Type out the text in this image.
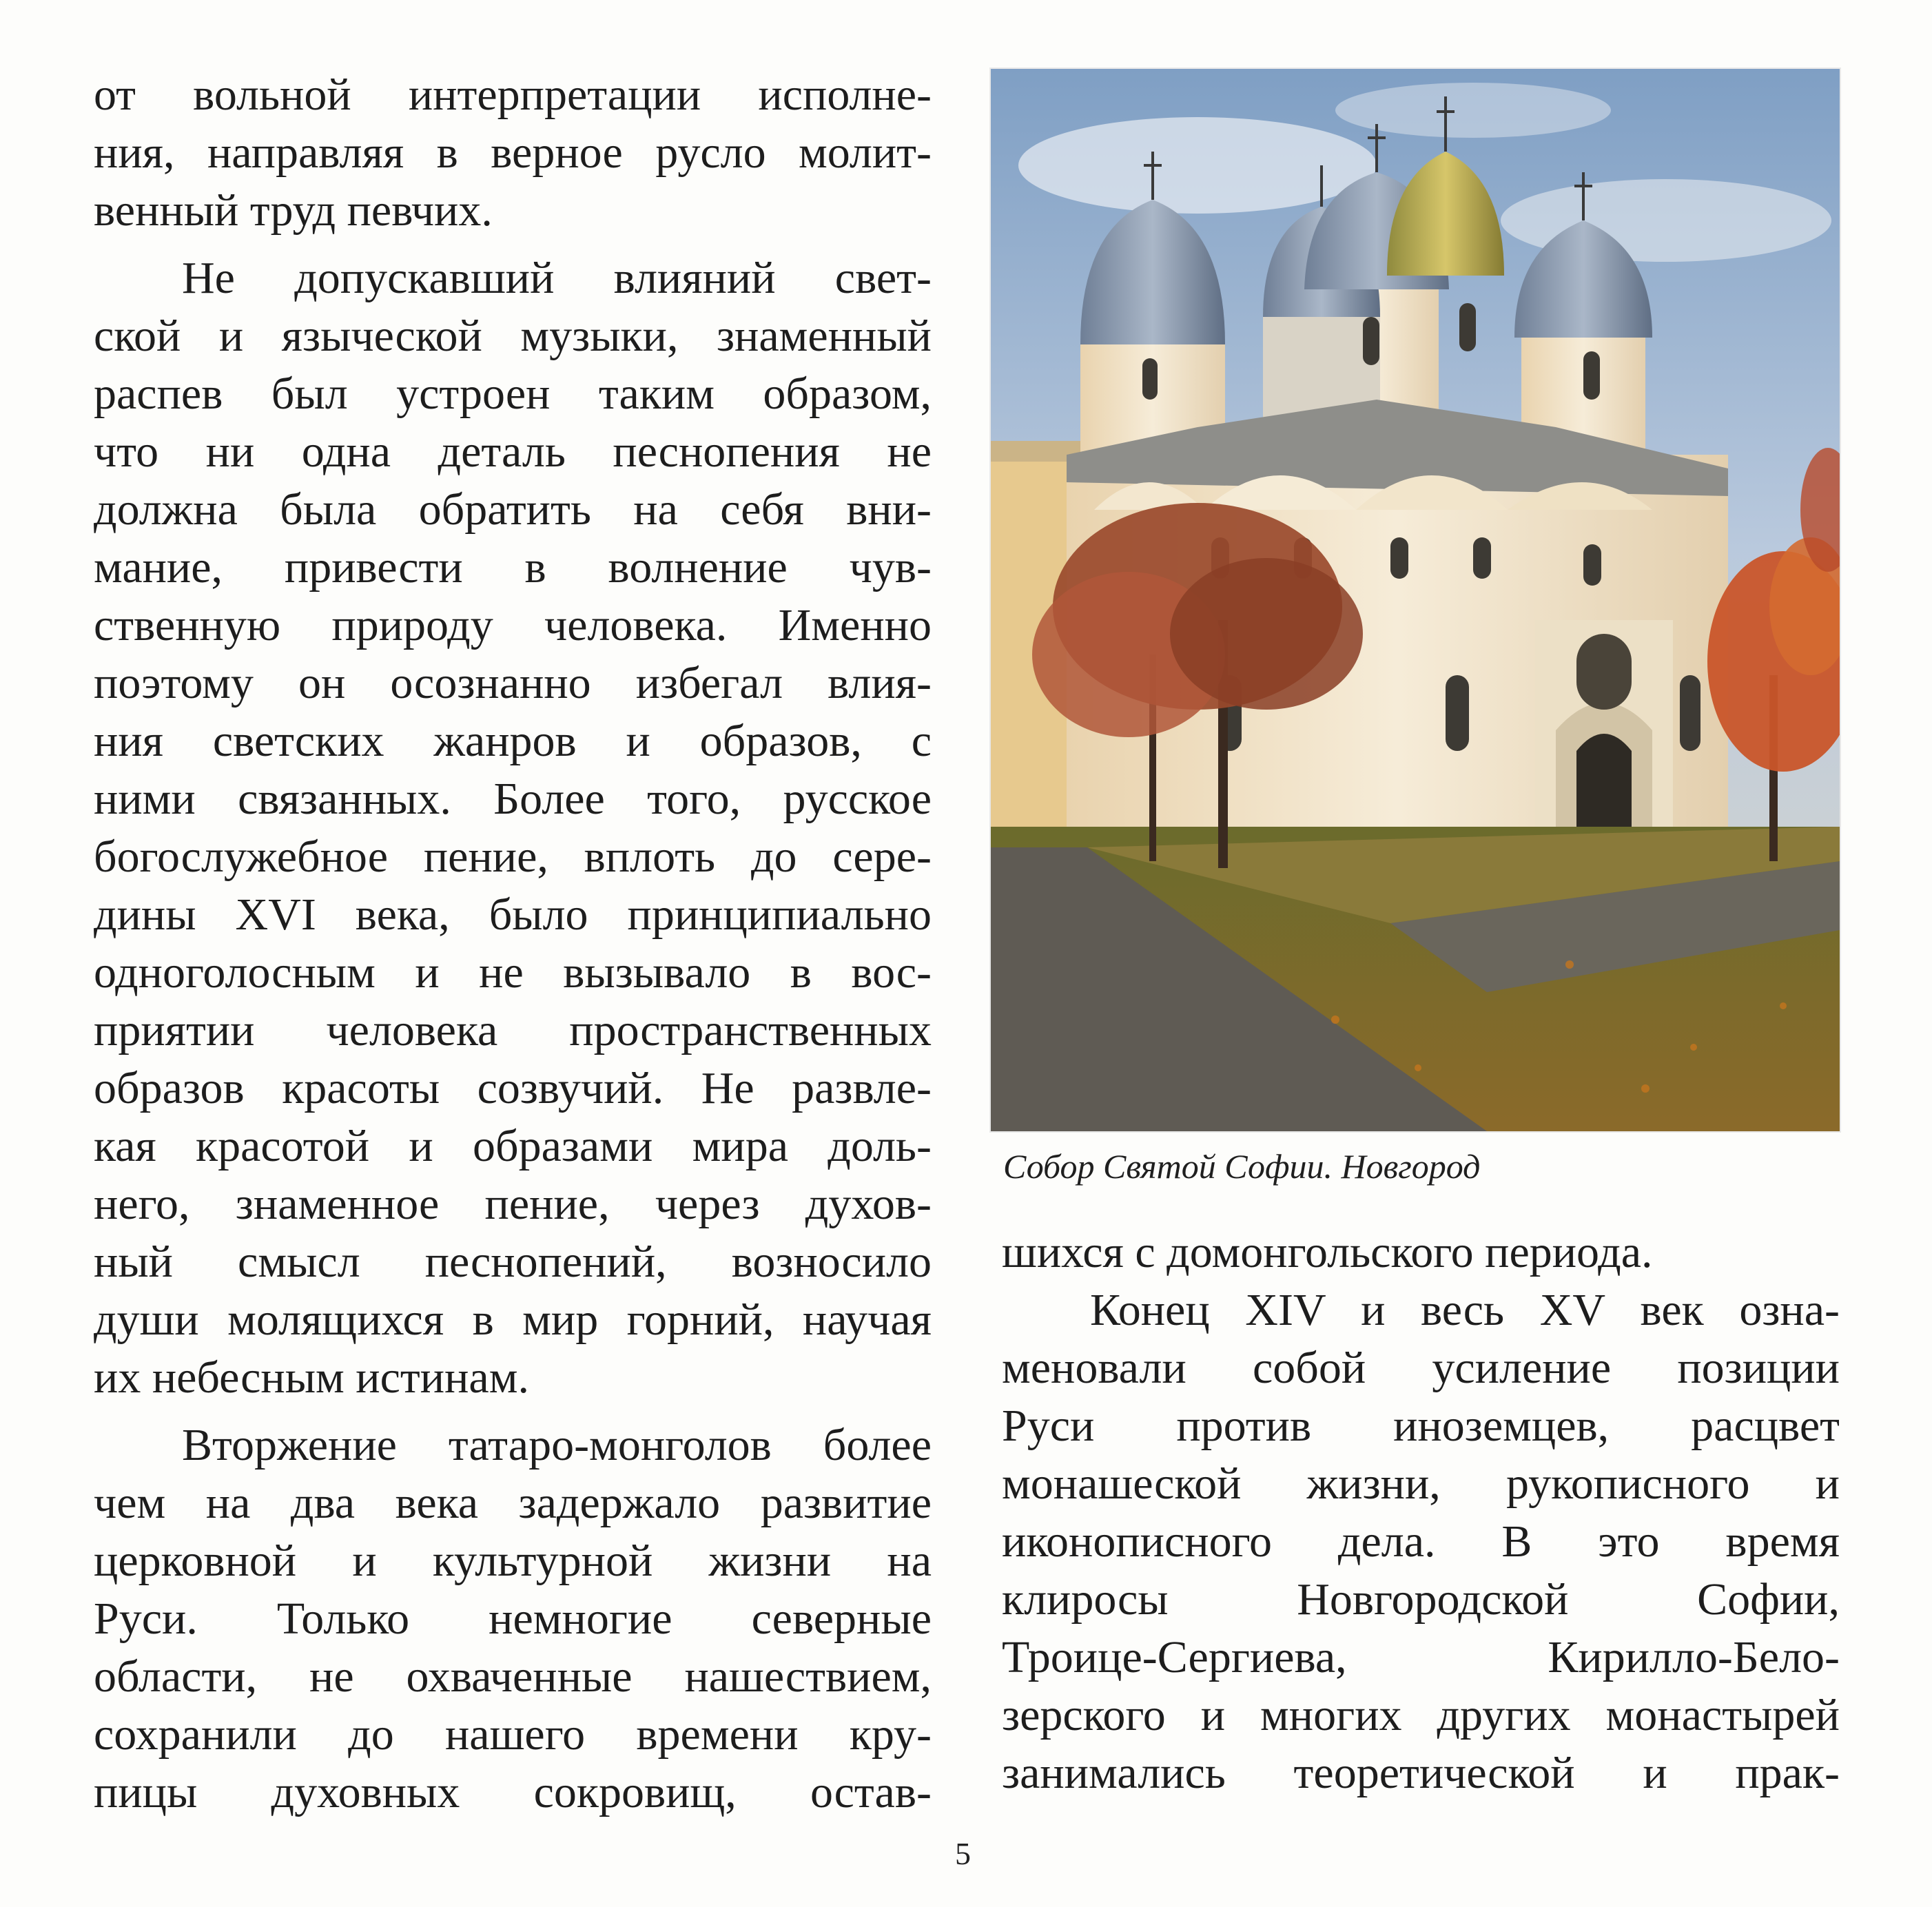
от вольной интерпретации исполне-
ния, направляя в верное русло молит-
венный труд певчих.
Не допускавший влияний свет-
ской и языческой музыки, знаменный
распев был устроен таким образом,
что ни одна деталь песнопения не
должна была обратить на себя вни-
мание, привести в волнение чув-
ственную природу человека. Именно
поэтому он осознанно избегал влия-
ния светских жанров и образов, с
ними связанных. Более того, русское
богослужебное пение, вплоть до сере-
дины XVI века, было принципиально
одноголосным и не вызывало в вос-
приятии человека пространственных
образов красоты созвучий. Не развле-
кая красотой и образами мира доль-
него, знаменное пение, через духов-
ный смысл песнопений, возносило
души молящихся в мир горний, научая
их небесным истинам.
Вторжение татаро-монголов более
чем на два века задержало развитие
церковной и культурной жизни на
Руси. Только немногие северные
области, не охваченные нашествием,
сохранили до нашего времени кру-
пицы духовных сокровищ, остав-
Собор Святой Софии. Новгород
шихся с домонгольского периода.
Конец XIV и весь XV век озна-
меновали собой усиление позиции
Руси против иноземцев, расцвет
монашеской жизни, рукописного и
иконописного дела. В это время
клиросы Новгородской Софии,
Троице-Сергиева, Кирилло-Бело-
зерского и многих других монастырей
занимались теоретической и прак-
5
